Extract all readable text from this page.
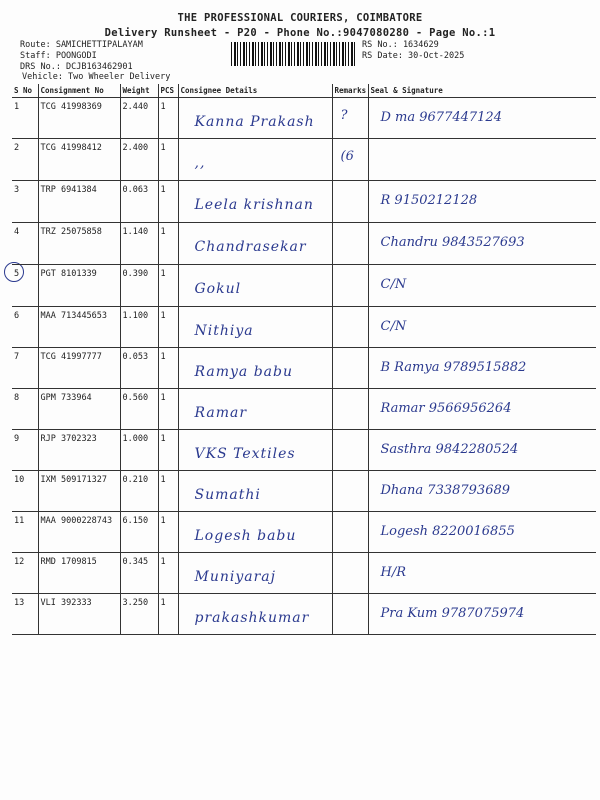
THE PROFESSIONAL COURIERS, COIMBATORE
Delivery Runsheet - P20 - Phone No.:9047080280 - Page No.:1
Route: SAMICHETTIPALAYAM
Staff: POONGODI
DRS No.: DCJB163462901
Vehicle: Two Wheeler Delivery
RS No.: 1634629
RS Date: 30-Oct-2025
S No	Consignment No	Weight	PCS	Consignee Details	Remarks	Seal & Signature
1	TCG 41998369	2.440	1	Kanna Prakash	?	D ma 9677447124

2	TCG 41998412	2.400	1	,,	(6	

3	TRP 6941384	0.063	1	Leela krishnan		R 9150212128

4	TRZ 25075858	1.140	1	Chandrasekar		Chandru 9843527693

5	PGT 8101339	0.390	1	Gokul		C/N

6	MAA 713445653	1.100	1	Nithiya		C/N

7	TCG 41997777	0.053	1	Ramya babu		B Ramya 9789515882

8	GPM 733964	0.560	1	Ramar		Ramar 9566956264

9	RJP 3702323	1.000	1	VKS Textiles		Sasthra 9842280524

10	IXM 509171327	0.210	1	Sumathi		Dhana 7338793689

11	MAA 9000228743	6.150	1	Logesh babu		Logesh 8220016855

12	RMD 1709815	0.345	1	Muniyaraj		H/R

13	VLI 392333	3.250	1	prakashkumar		Pra Kum 9787075974
